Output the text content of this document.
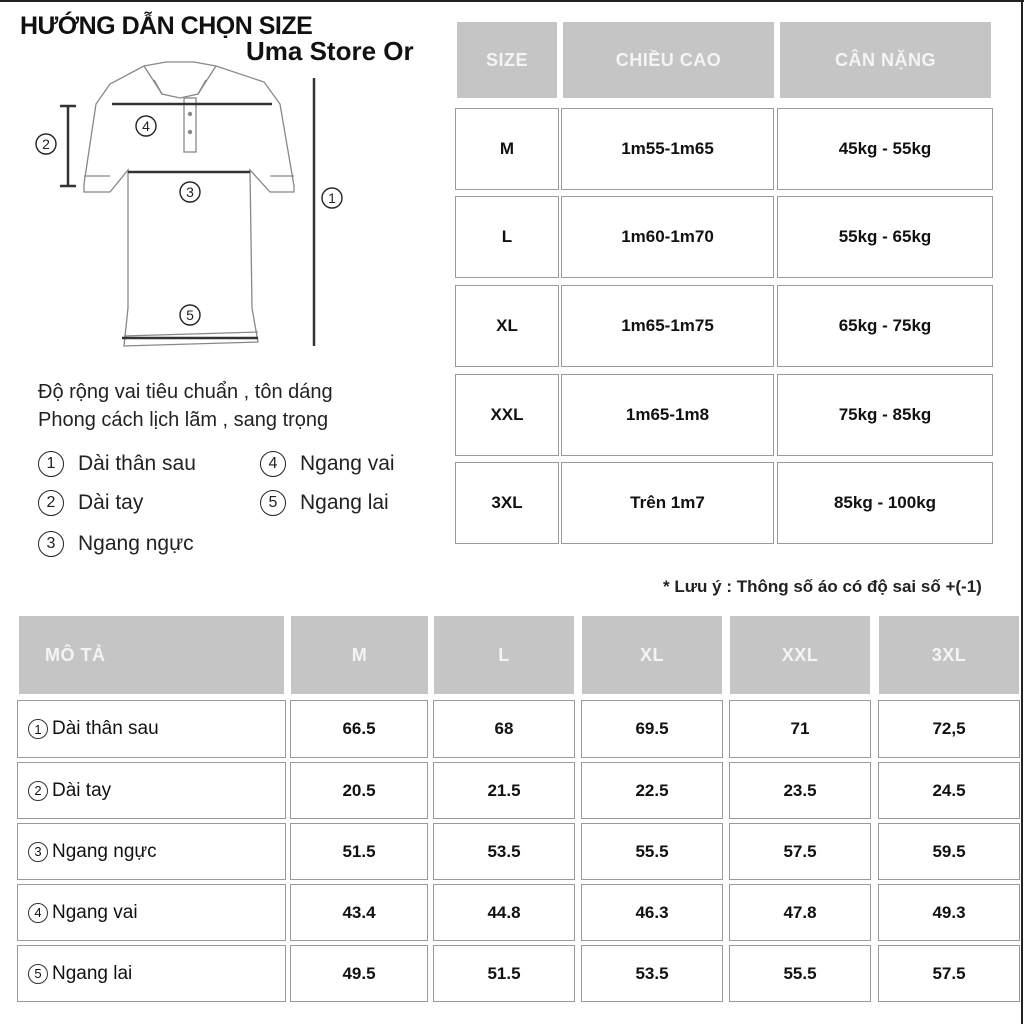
HƯỚNG DẪN CHỌN SIZE
Uma Store Or
1
2
3
4
5
Độ rộng vai tiêu chuẩn , tôn dáng
Phong cách lịch lãm , sang trọng
1	Dài thân sau
2	Dài tay
3	Ngang ngực
4	Ngang vai
5	Ngang lai
SIZE	CHIỀU CAO	CÂN NẶNG
M	1m55-1m65	45kg - 55kg
L	1m60-1m70	55kg - 65kg
XL	1m65-1m75	65kg - 75kg
XXL	1m65-1m8	75kg - 85kg
3XL	Trên 1m7	85kg - 100kg
* Lưu ý : Thông số áo có độ sai số +(-1)
MÔ TẢ	M	L	XL	XXL	3XL
1 Dài thân sau	66.5	68	69.5	71	72,5
2 Dài tay	20.5	21.5	22.5	23.5	24.5
3 Ngang ngực	51.5	53.5	55.5	57.5	59.5
4 Ngang vai	43.4	44.8	46.3	47.8	49.3
5 Ngang lai	49.5	51.5	53.5	55.5	57.5
